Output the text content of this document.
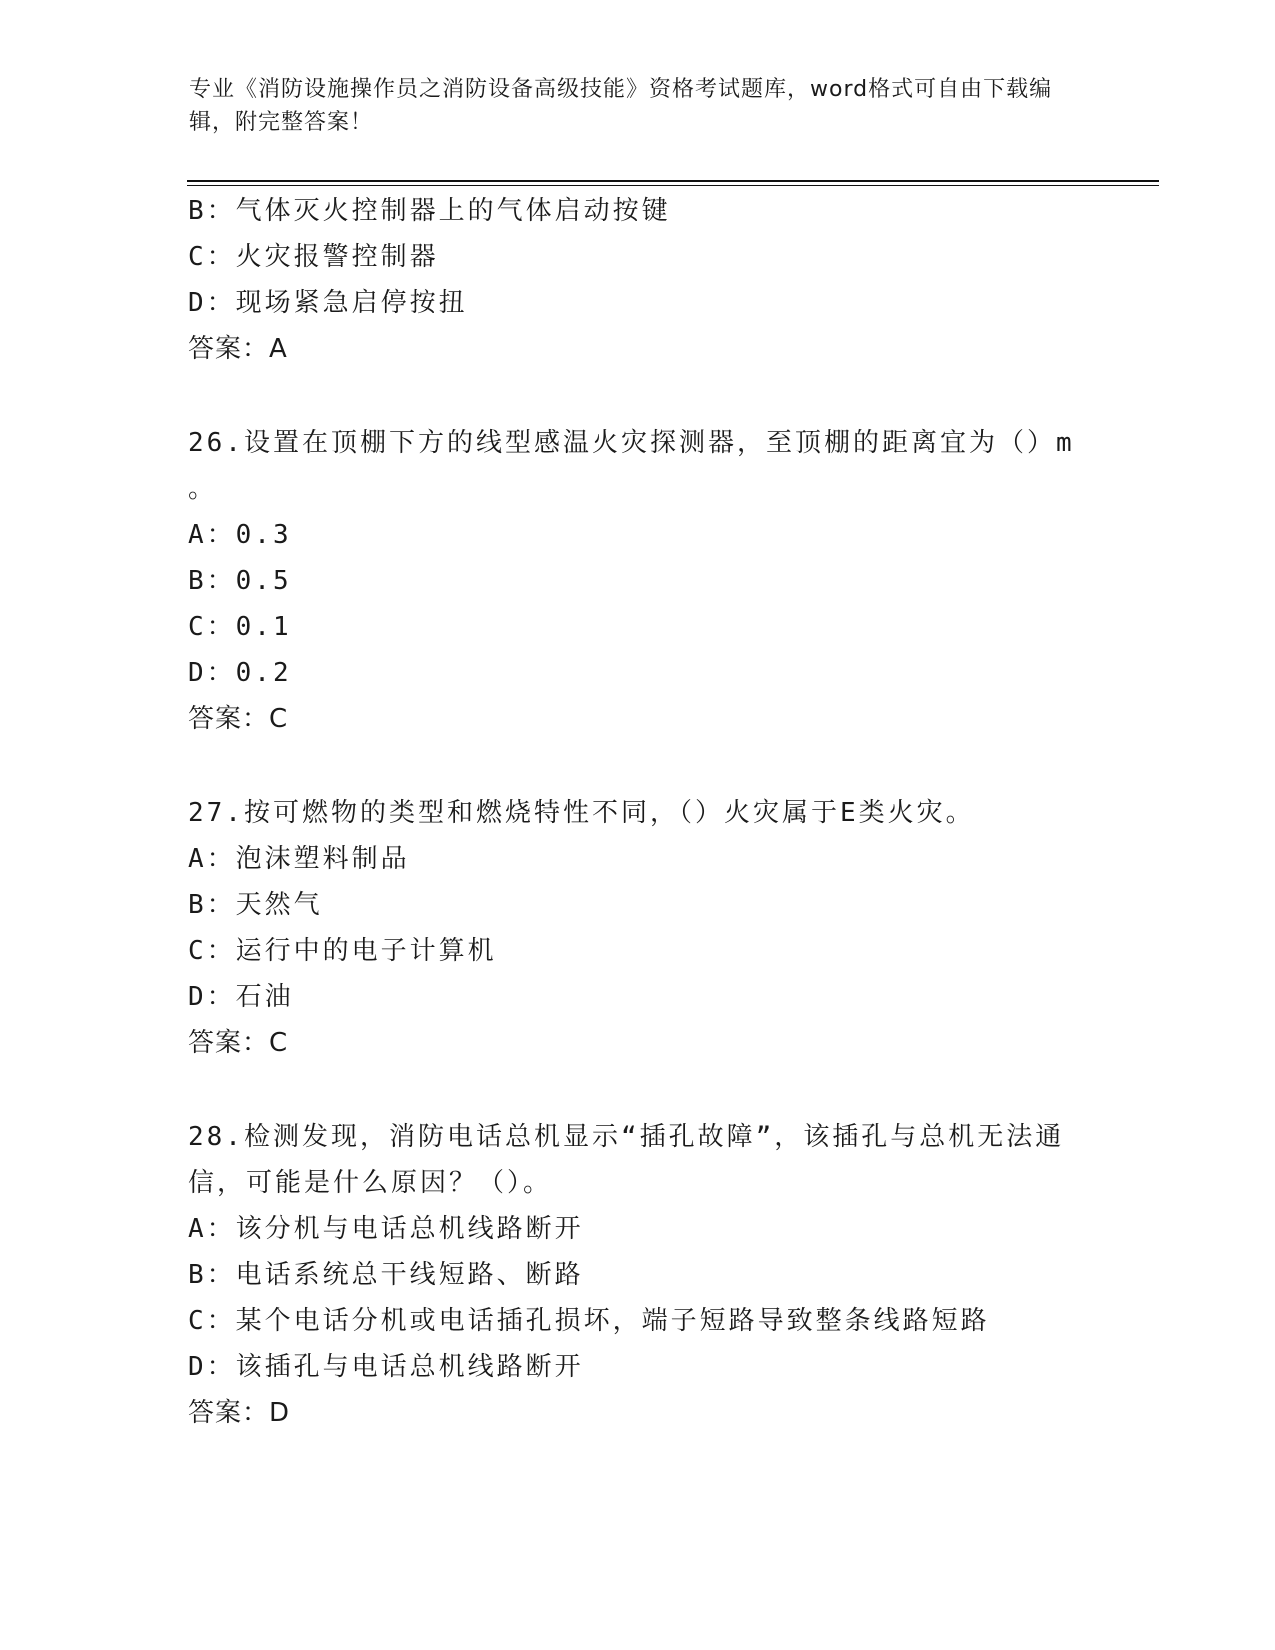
专业《消防设施操作员之消防设备高级技能》资格考试题库，word格式可自由下载编辑，附完整答案！
B：气体灭火控制器上的气体启动按键
C：火灾报警控制器
D：现场紧急启停按扭
答案：A
26.设置在顶棚下方的线型感温火灾探测器，至顶棚的距离宜为（）m
。
A：0.3
B：0.5
C：0.1
D：0.2
答案：C
27.按可燃物的类型和燃烧特性不同，（）火灾属于E类火灾。
A：泡沫塑料制品
B：天然气
C：运行中的电子计算机
D：石油
答案：C
28.检测发现，消防电话总机显示“插孔故障”，该插孔与总机无法通
信，可能是什么原因？（）。
A：该分机与电话总机线路断开
B：电话系统总干线短路、断路
C：某个电话分机或电话插孔损坏，端子短路导致整条线路短路
D：该插孔与电话总机线路断开
答案：D
